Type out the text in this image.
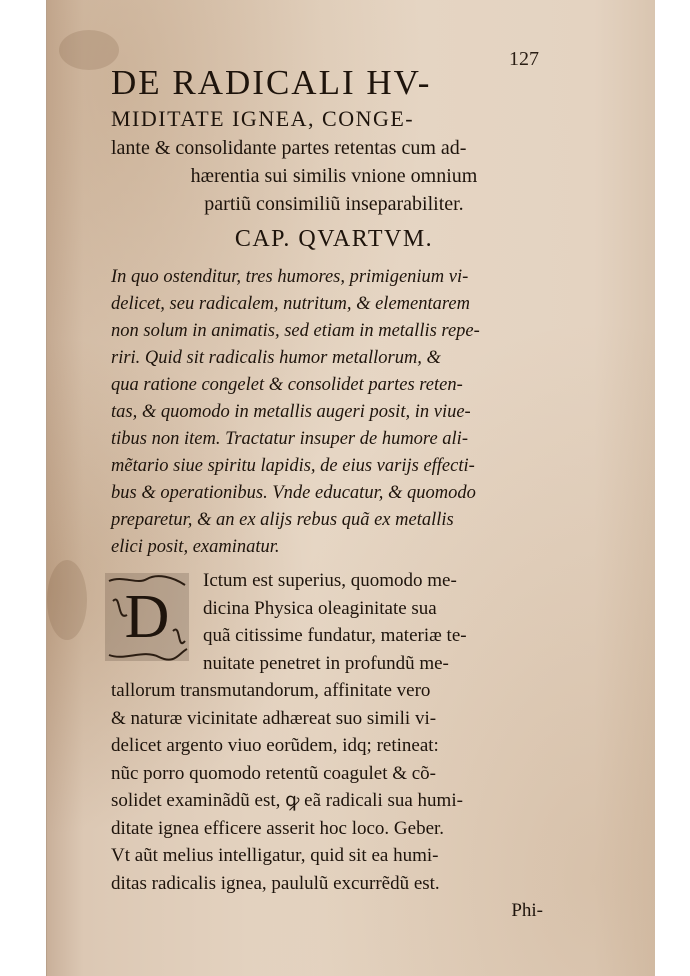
127
DE RADICALI HV-
MIDITATE IGNEA, CONGE-
lante & consolidante partes retentas cum ad-
hærentia sui similis vnione omnium
partiũ consimiliũ inseparabiliter.
CAP. QVARTVM.
In quo ostenditur, tres humores, primigenium vi-
delicet, seu radicalem, nutritum, & elementarem
non solum in animatis, sed etiam in metallis repe-
riri. Quid sit radicalis humor metallorum, &
qua ratione congelet & consolidet partes reten-
tas, & quomodo in metallis augeri posit, in viue-
tibus non item. Tractatur insuper de humore ali-
mẽtario siue spiritu lapidis, de eius varijs effecti-
bus & operationibus. Vnde educatur, & quomodo
preparetur, & an ex alijs rebus quã ex metallis
elici posit, examinatur.
D
Ictum est superius, quomodo me-
dicina Physica oleaginitate sua
quã citissime fundatur, materiæ te-
nuitate penetret in profundũ me-
tallorum transmutandorum, affinitate vero
& naturæ vicinitate adhæreat suo simili vi-
delicet argento viuo eorũdem, idq; retineat:
nũc porro quomodo retentũ coagulet & cõ-
solidet examinãdũ est, ꝙ eã radicali sua humi-
ditate ignea efficere asserit hoc loco. Geber.
Vt aũt melius intelligatur, quid sit ea humi-
ditas radicalis ignea, paululũ excurrẽdũ est.
Phi-
